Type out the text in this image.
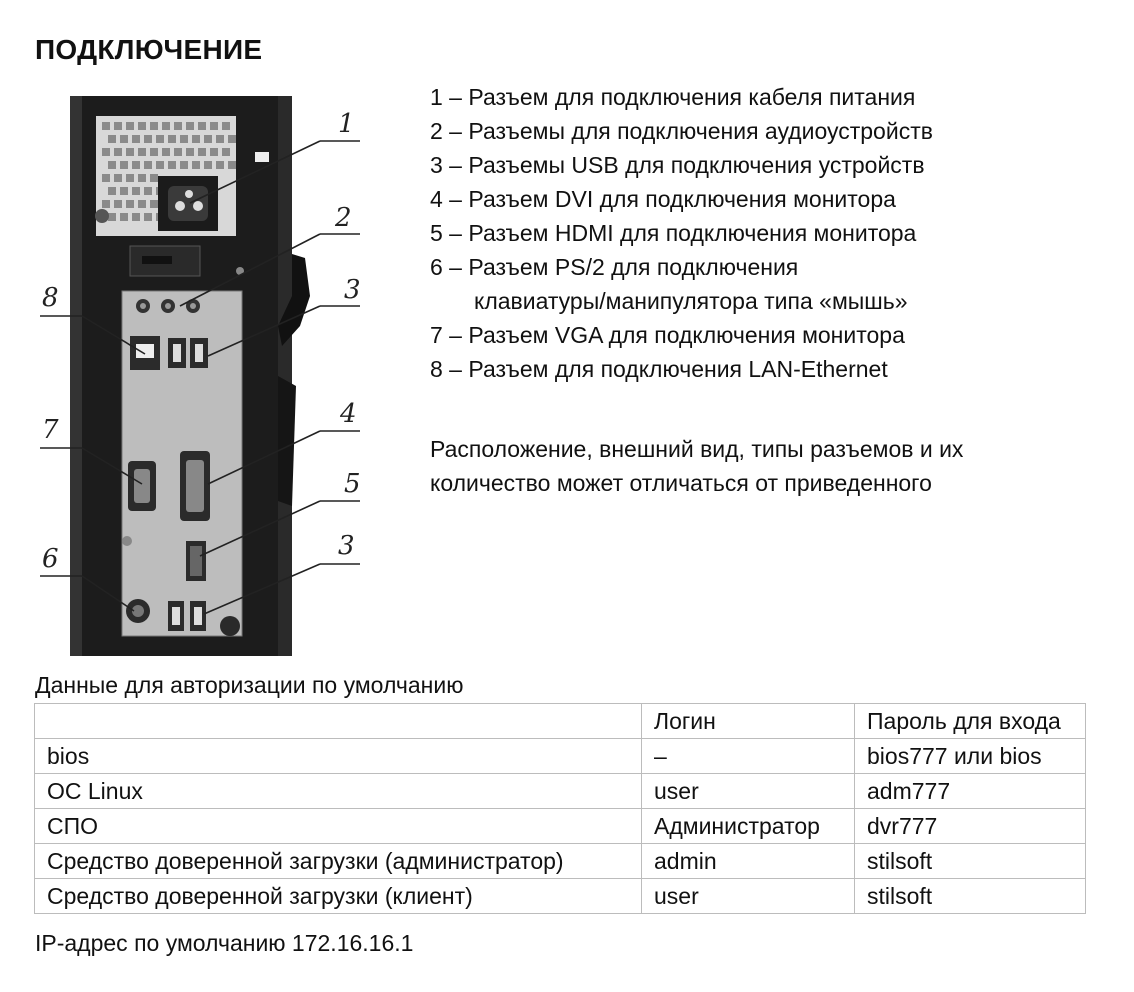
ПОДКЛЮЧЕНИЕ
1
2
3
8
7
4
5
3
6
1 – Разъем для подключения кабеля питания
2 – Разъемы для подключения аудиоустройств
3 – Разъемы USB для подключения устройств
4 – Разъем DVI для подключения монитора
5 – Разъем HDMI для подключения монитора
6 – Разъем PS/2 для подключения
клавиатуры/манипулятора типа «мышь»
7 – Разъем VGA для подключения монитора
8 – Разъем для подключения LAN-Ethernet
Расположение, внешний вид, типы разъемов и их
количество может отличаться от приведенного
Данные для авторизации по умолчанию
	Логин	Пароль для входа
bios	–	bios777 или bios
ОС Linux	user	adm777
СПО	Администратор	dvr777
Средство доверенной загрузки (администратор)	admin	stilsoft
Средство доверенной загрузки (клиент)	user	stilsoft
IP-адрес по умолчанию 172.16.16.1
